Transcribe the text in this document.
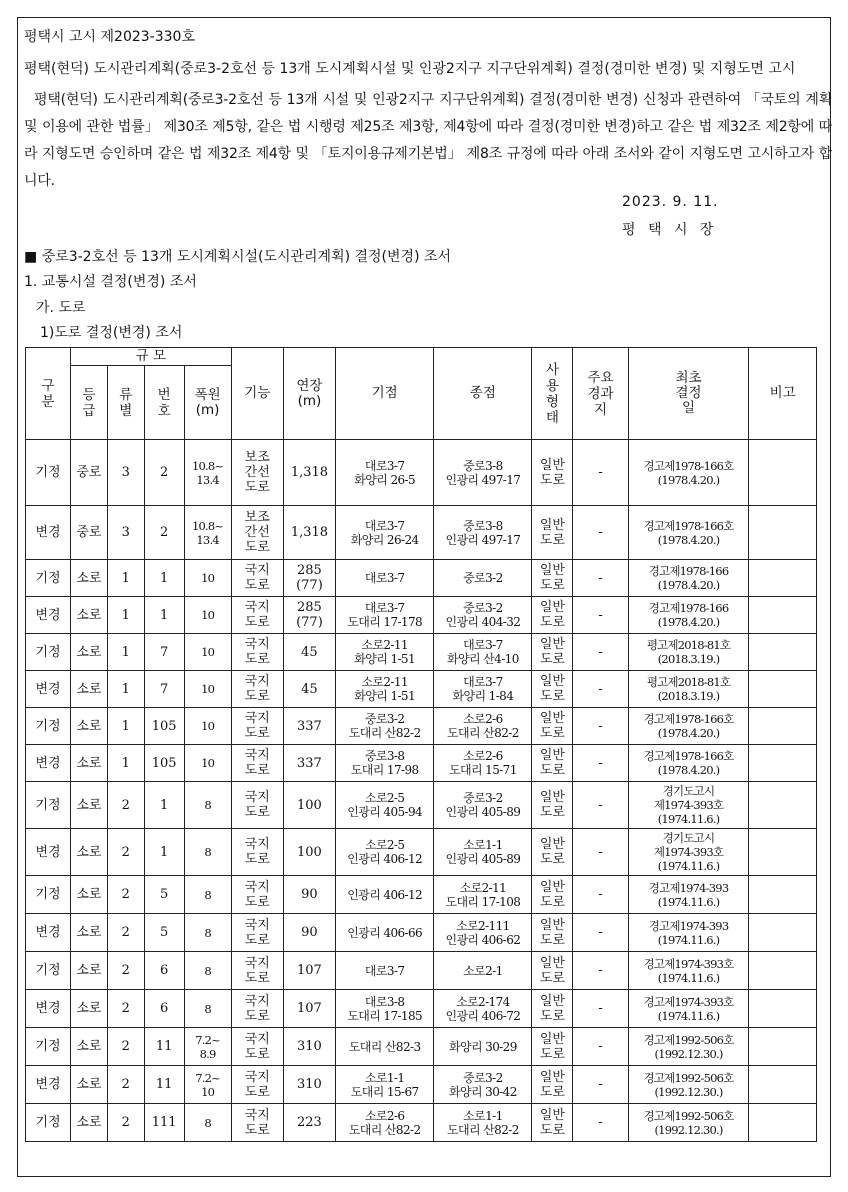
평택시 고시 제2023-330호
평택(현덕) 도시관리계획(중로3-2호선 등 13개 도시계획시설 및 인광2지구 지구단위계획) 결정(경미한 변경) 및 지형도면 고시
평택(현덕) 도시관리계획(중로3-2호선 등 13개 시설 및 인광2지구 지구단위계획) 결정(경미한 변경) 신청과 관련하여 「국토의 계획 및 이용에 관한 법률」 제30조 제5항, 같은 법 시행령 제25조 제3항, 제4항에 따라 결정(경미한 변경)하고 같은 법 제32조 제2항에 따라 지형도면 승인하며 같은 법 제32조 제4항 및 「토지이용규제기본법」 제8조 규정에 따라 아래 조서와 같이 지형도면 고시하고자 합니다.
2023. 9. 11.
평 택 시 장
■ 중로3-2호선 등 13개 도시계획시설(도시관리계획) 결정(변경) 조서
1. 교통시설 결정(변경) 조서
가. 도로
1)도로 결정(변경) 조서
구분	규 모				기능	연장(m)	기점	종점	사용형태	주요경과지	최초결정일	비고
	등급	류별	번호	폭원(m)								

기정	중로	3	2	10.8~
13.4	보조
간선
도로	1,318	대로3-7
화양리 26-5	중로3-8
인광리 497-17	일반
도로	-	경고제1978-166호
(1978.4.20.)	

변경	중로	3	2	10.8~
13.4	보조
간선
도로	1,318	대로3-7
화양리 26-24	중로3-8
인광리 497-17	일반
도로	-	경고제1978-166호
(1978.4.20.)	

기정	소로	1	1	10	국지
도로	285
(77)	대로3-7	중로3-2	일반
도로	-	경고제1978-166
(1978.4.20.)	

변경	소로	1	1	10	국지
도로	285
(77)	대로3-7
도대리 17-178	중로3-2
인광리 404-32	일반
도로	-	경고제1978-166
(1978.4.20.)	

기정	소로	1	7	10	국지
도로	45	소로2-11
화양리 1-51	대로3-7
화양리 산4-10	일반
도로	-	평고제2018-81호
(2018.3.19.)	

변경	소로	1	7	10	국지
도로	45	소로2-11
화양리 1-51	대로3-7
화양리 1-84	일반
도로	-	평고제2018-81호
(2018.3.19.)	

기정	소로	1	105	10	국지
도로	337	중로3-2
도대리 산82-2	소로2-6
도대리 산82-2	일반
도로	-	경고제1978-166호
(1978.4.20.)	

변경	소로	1	105	10	국지
도로	337	중로3-8
도대리 17-98	소로2-6
도대리 15-71	일반
도로	-	경고제1978-166호
(1978.4.20.)	

기정	소로	2	1	8	국지
도로	100	소로2-5
인광리 405-94	중로3-2
인광리 405-89	일반
도로	-	경기도고시
제1974-393호
(1974.11.6.)	

변경	소로	2	1	8	국지
도로	100	소로2-5
인광리 406-12	소로1-1
인광리 405-89	일반
도로	-	경기도고시
제1974-393호
(1974.11.6.)	

기정	소로	2	5	8	국지
도로	90	인광리 406-12	소로2-11
도대리 17-108	일반
도로	-	경고제1974-393
(1974.11.6.)	

변경	소로	2	5	8	국지
도로	90	인광리 406-66	소로2-111
인광리 406-62	일반
도로	-	경고제1974-393
(1974.11.6.)	

기정	소로	2	6	8	국지
도로	107	대로3-7	소로2-1	일반
도로	-	경고제1974-393호
(1974.11.6.)	

변경	소로	2	6	8	국지
도로	107	대로3-8
도대리 17-185	소로2-174
인광리 406-72	일반
도로	-	경고제1974-393호
(1974.11.6.)	

기정	소로	2	11	7.2~
8.9	국지
도로	310	도대리 산82-3	화양리 30-29	일반
도로	-	경고제1992-506호
(1992.12.30.)	

변경	소로	2	11	7.2~
10	국지
도로	310	소로1-1
도대리 15-67	중로3-2
화양리 30-42	일반
도로	-	경고제1992-506호
(1992.12.30.)	

기정	소로	2	111	8	국지
도로	223	소로2-6
도대리 산82-2	소로1-1
도대리 산82-2	일반
도로	-	경고제1992-506호
(1992.12.30.)	
